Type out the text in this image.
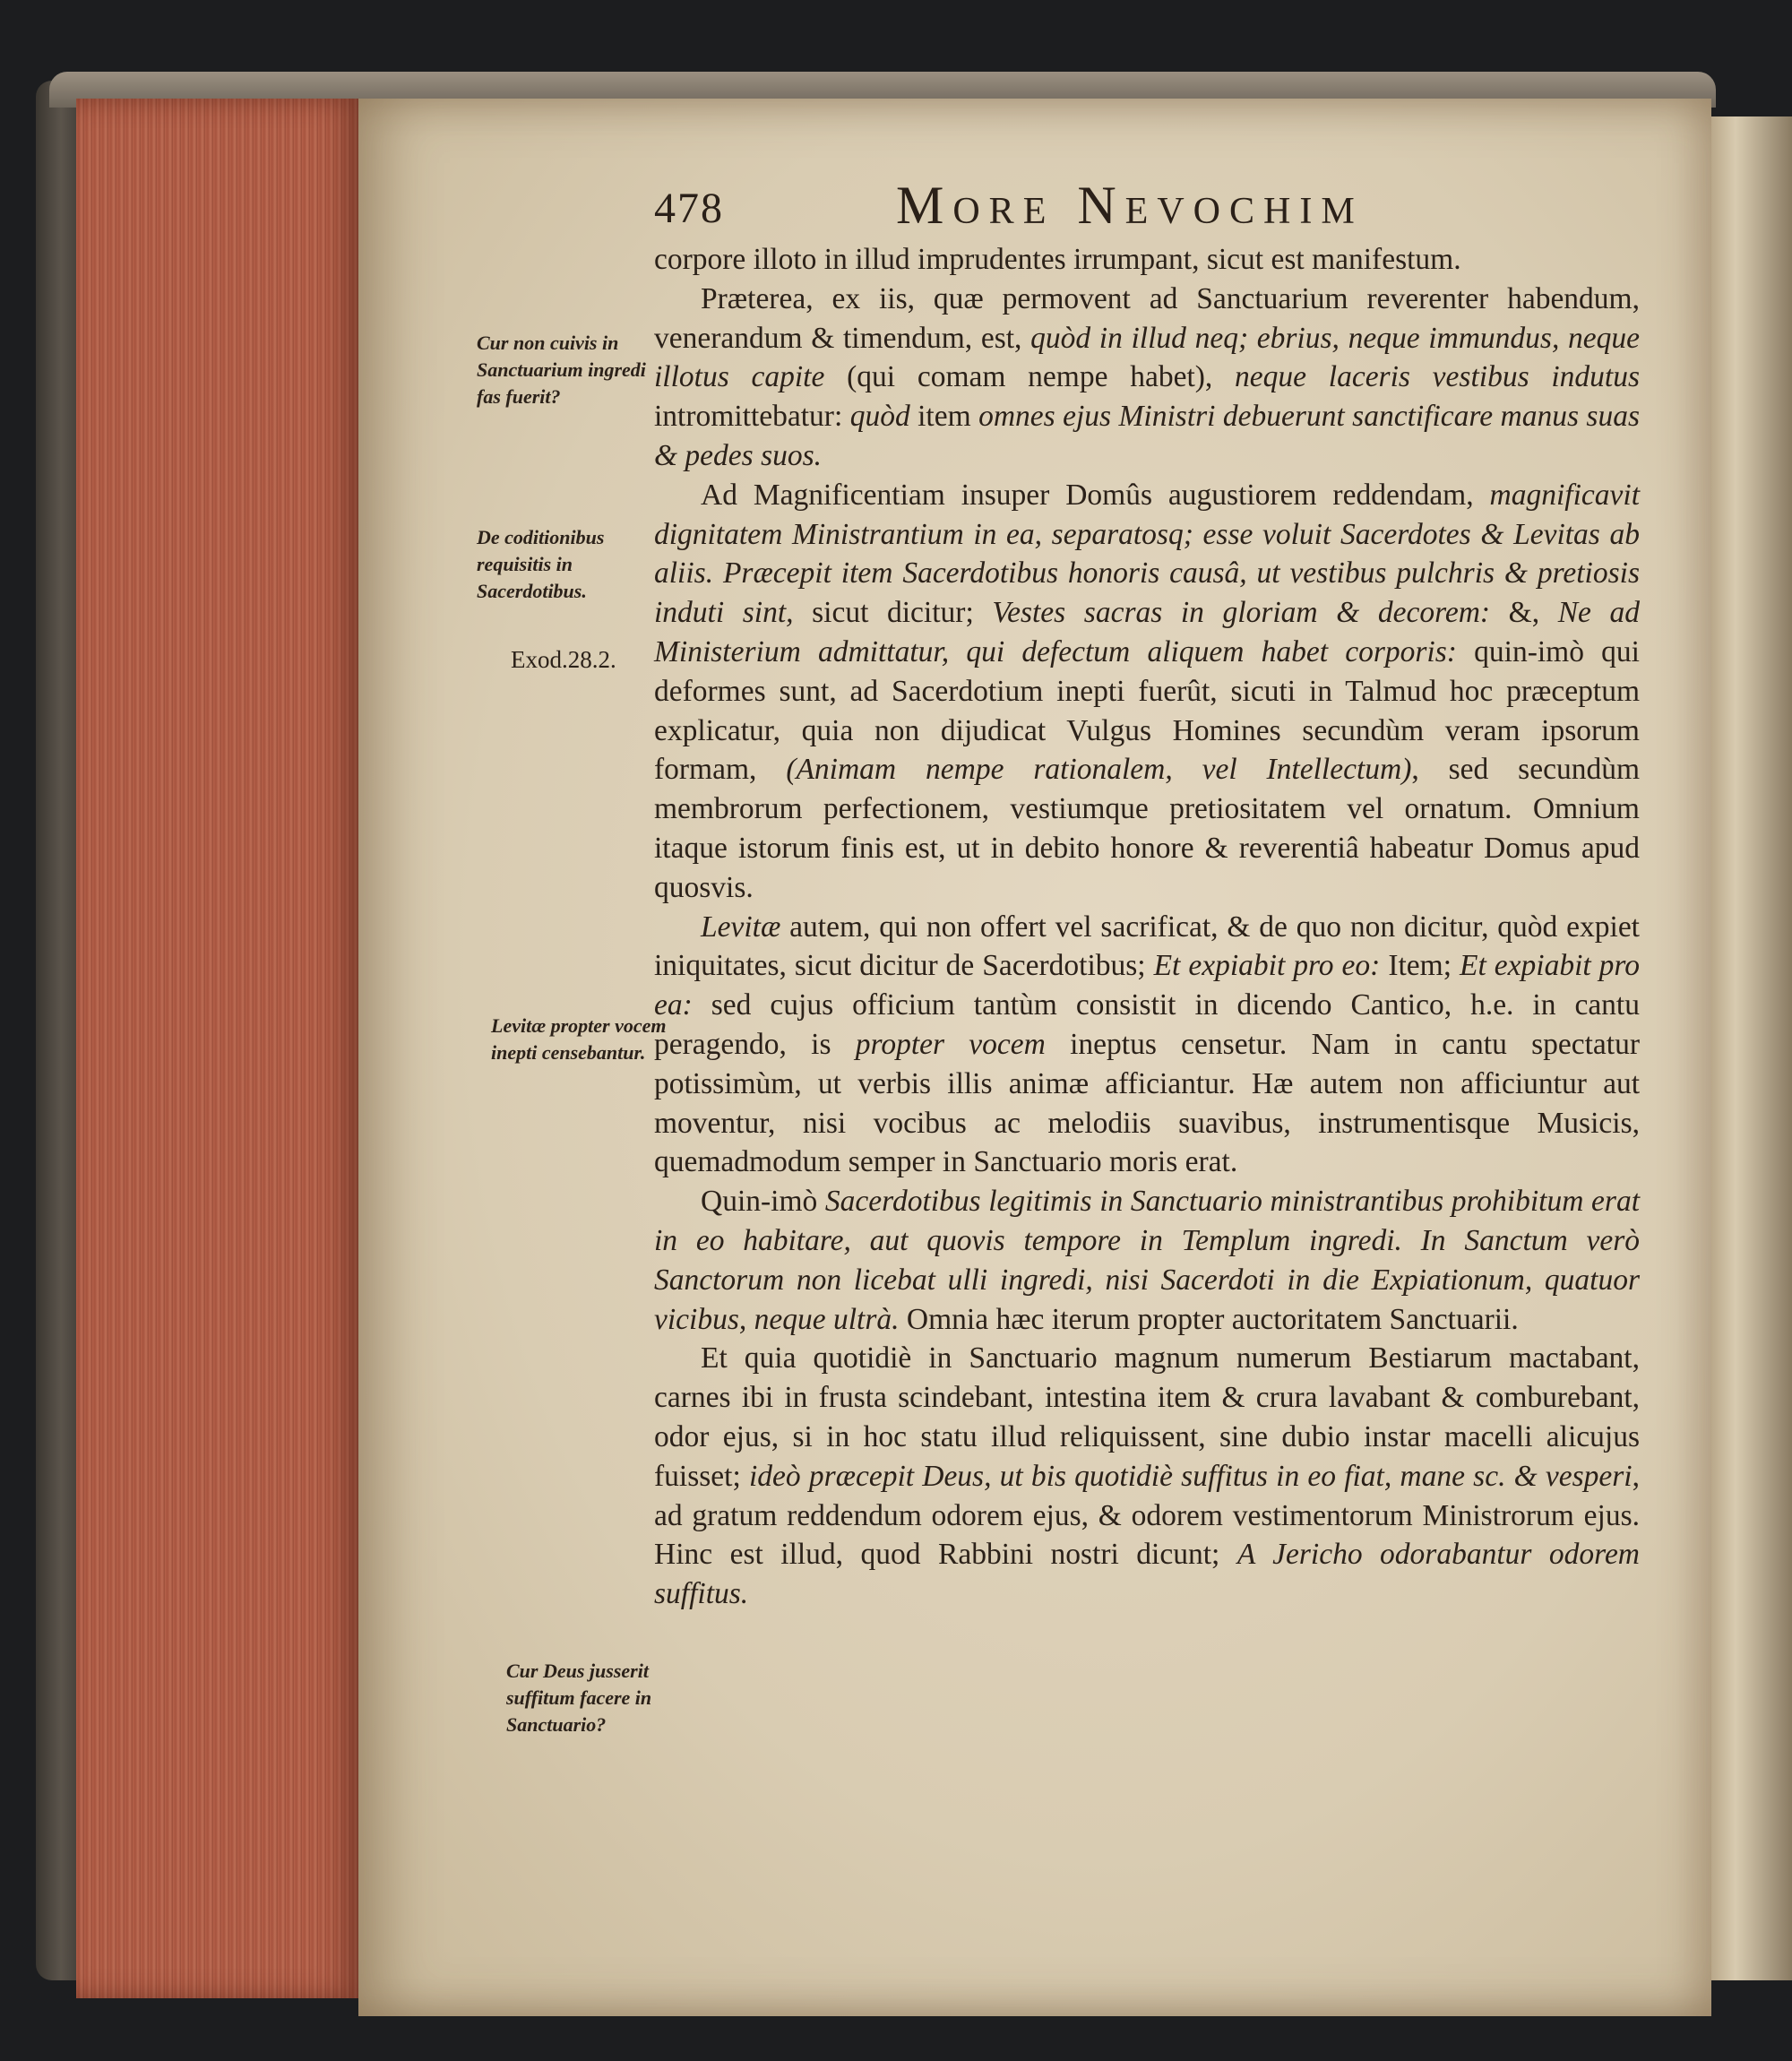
478	More Nevochim
Cur non cuivis in Sanctuarium ingredi fas fuerit?
De coditionibus requisitis in Sacerdotibus.
Exod.28.2.
Levitæ propter vocem inepti censebantur.
Cur Deus jusserit suffitum facere in Sanctuario?

corpore illoto in illud imprudentes irrumpant, sicut est manifestum.

Præterea, ex iis, quæ permovent ad Sanctuarium reverenter habendum, venerandum & timendum, est, quòd in illud neq; ebrius, neque immundus, neque illotus capite (qui comam nempe habet), neque laceris vestibus indutus intromittebatur: quòd item omnes ejus Ministri debuerunt sanctificare manus suas & pedes suos.

Ad Magnificentiam insuper Domûs augustiorem reddendam, magnificavit dignitatem Ministrantium in ea, separatosq; esse voluit Sacerdotes & Levitas ab aliis. Præcepit item Sacerdotibus honoris causâ, ut vestibus pulchris & pretiosis induti sint, sicut dicitur; Vestes sacras in gloriam & decorem: &, Ne ad Ministerium admittatur, qui defectum aliquem habet corporis: quin-imò qui deformes sunt, ad Sacerdotium inepti fuerût, sicuti in Talmud hoc præceptum explicatur, quia non dijudicat Vulgus Homines secundùm veram ipsorum formam, (Animam nempe rationalem, vel Intellectum), sed secundùm membrorum perfectionem, vestiumque pretiositatem vel ornatum. Omnium itaque istorum finis est, ut in debito honore & reverentiâ habeatur Domus apud quosvis.

Levitæ autem, qui non offert vel sacrificat, & de quo non dicitur, quòd expiet iniquitates, sicut dicitur de Sacerdotibus; Et expiabit pro eo: Item; Et expiabit pro ea: sed cujus officium tantùm consistit in dicendo Cantico, h.e. in cantu peragendo, is propter vocem ineptus censetur. Nam in cantu spectatur potissimùm, ut verbis illis animæ afficiantur. Hæ autem non afficiuntur aut moventur, nisi vocibus ac melodiis suavibus, instrumentisque Musicis, quemadmodum semper in Sanctuario moris erat.

Quin-imò Sacerdotibus legitimis in Sanctuario ministrantibus prohibitum erat in eo habitare, aut quovis tempore in Templum ingredi. In Sanctum verò Sanctorum non licebat ulli ingredi, nisi Sacerdoti in die Expiationum, quatuor vicibus, neque ultrà. Omnia hæc iterum propter auctoritatem Sanctuarii.

Et quia quotidiè in Sanctuario magnum numerum Bestiarum mactabant, carnes ibi in frusta scindebant, intestina item & crura lavabant & comburebant, odor ejus, si in hoc statu illud reliquissent, sine dubio instar macelli alicujus fuisset; ideò præcepit Deus, ut bis quotidiè suffitus in eo fiat, mane sc. & vesperi, ad gratum reddendum odorem ejus, & odorem vestimentorum Ministrorum ejus. Hinc est illud, quod Rabbini nostri dicunt; A Jericho odorabantur odorem suffitus.
